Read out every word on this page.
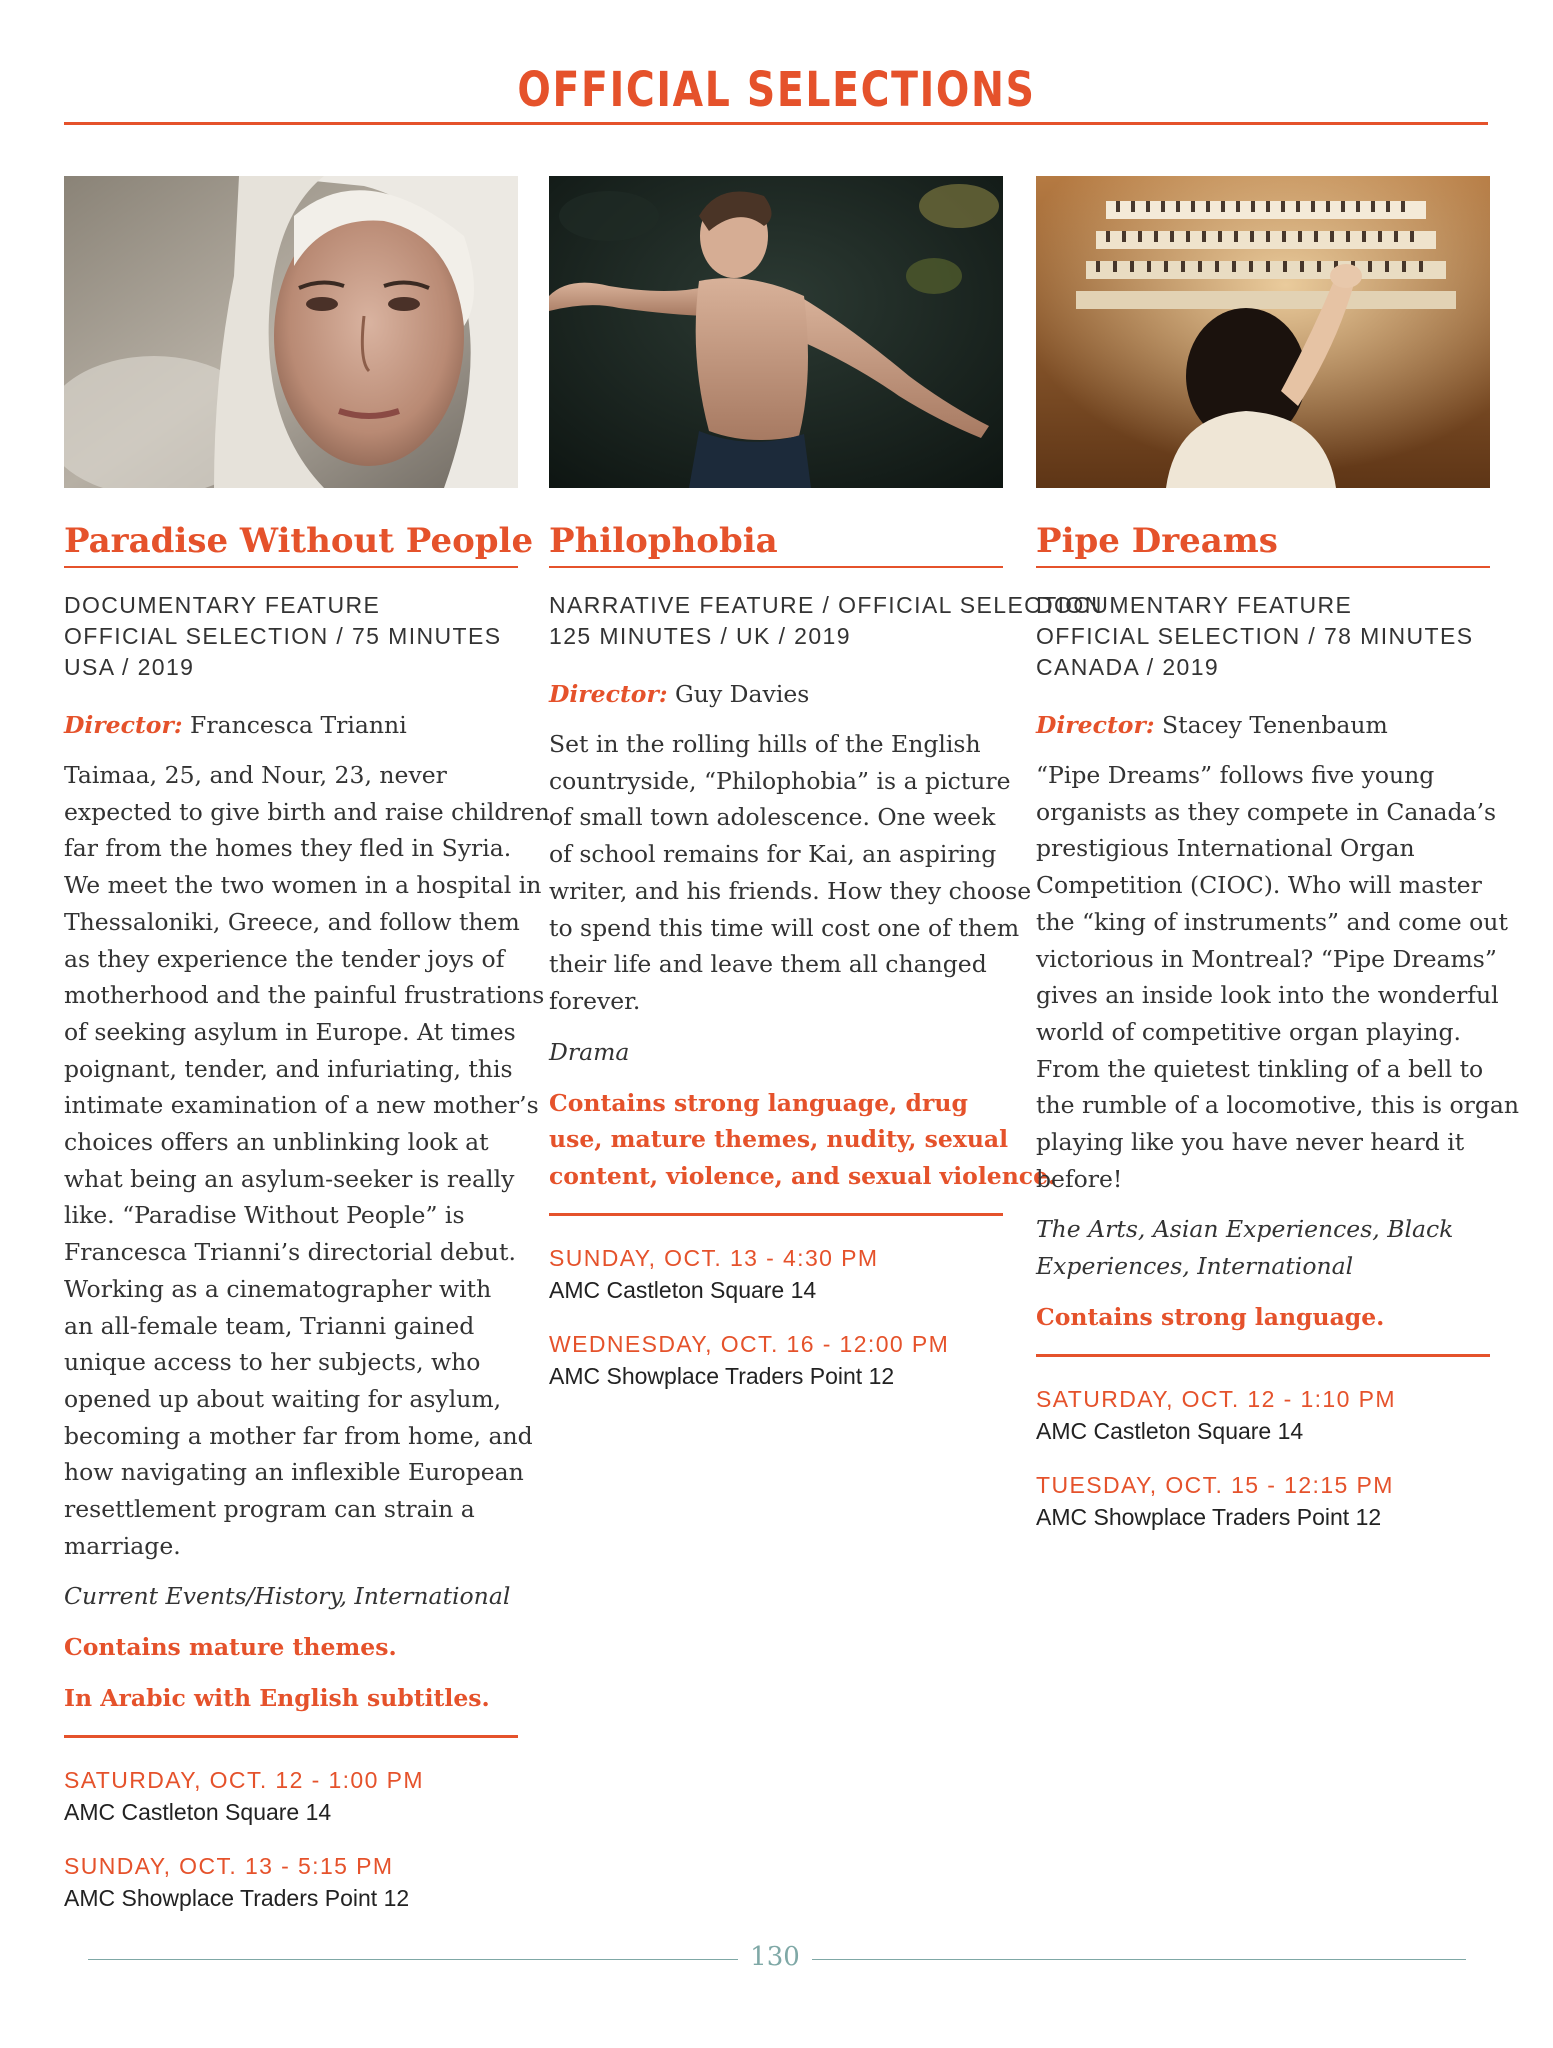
OFFICIAL SELECTIONS
Paradise Without People
DOCUMENTARY FEATURE
OFFICIAL SELECTION / 75 MINUTES
USA / 2019
Director: Francesca Trianni
Taimaa, 25, and Nour, 23, never
expected to give birth and raise children
far from the homes they fled in Syria.
We meet the two women in a hospital in
Thessaloniki, Greece, and follow them
as they experience the tender joys of
motherhood and the painful frustrations
of seeking asylum in Europe. At times
poignant, tender, and infuriating, this
intimate examination of a new mother’s
choices offers an unblinking look at
what being an asylum-seeker is really
like. “Paradise Without People” is
Francesca Trianni’s directorial debut.
Working as a cinematographer with
an all-female team, Trianni gained
unique access to her subjects, who
opened up about waiting for asylum,
becoming a mother far from home, and
how navigating an inflexible European
resettlement program can strain a
marriage.
Current Events/History, International
Contains mature themes.
In Arabic with English subtitles.
SATURDAY, OCT. 12 - 1:00 PM
AMC Castleton Square 14
SUNDAY, OCT. 13 - 5:15 PM
AMC Showplace Traders Point 12
Philophobia
NARRATIVE FEATURE / OFFICIAL SELECTION
125 MINUTES / UK / 2019
Director: Guy Davies
Set in the rolling hills of the English
countryside, “Philophobia” is a picture
of small town adolescence. One week
of school remains for Kai, an aspiring
writer, and his friends. How they choose
to spend this time will cost one of them
their life and leave them all changed
forever.
Drama
Contains strong language, drug
use, mature themes, nudity, sexual
content, violence, and sexual violence.
SUNDAY, OCT. 13 - 4:30 PM
AMC Castleton Square 14
WEDNESDAY, OCT. 16 - 12:00 PM
AMC Showplace Traders Point 12
Pipe Dreams
DOCUMENTARY FEATURE
OFFICIAL SELECTION / 78 MINUTES
CANADA / 2019
Director: Stacey Tenenbaum
“Pipe Dreams” follows five young
organists as they compete in Canada’s
prestigious International Organ
Competition (CIOC). Who will master
the “king of instruments” and come out
victorious in Montreal? “Pipe Dreams”
gives an inside look into the wonderful
world of competitive organ playing.
From the quietest tinkling of a bell to
the rumble of a locomotive, this is organ
playing like you have never heard it
before!
The Arts, Asian Experiences, Black
Experiences, International
Contains strong language.
SATURDAY, OCT. 12 - 1:10 PM
AMC Castleton Square 14
TUESDAY, OCT. 15 - 12:15 PM
AMC Showplace Traders Point 12
130
